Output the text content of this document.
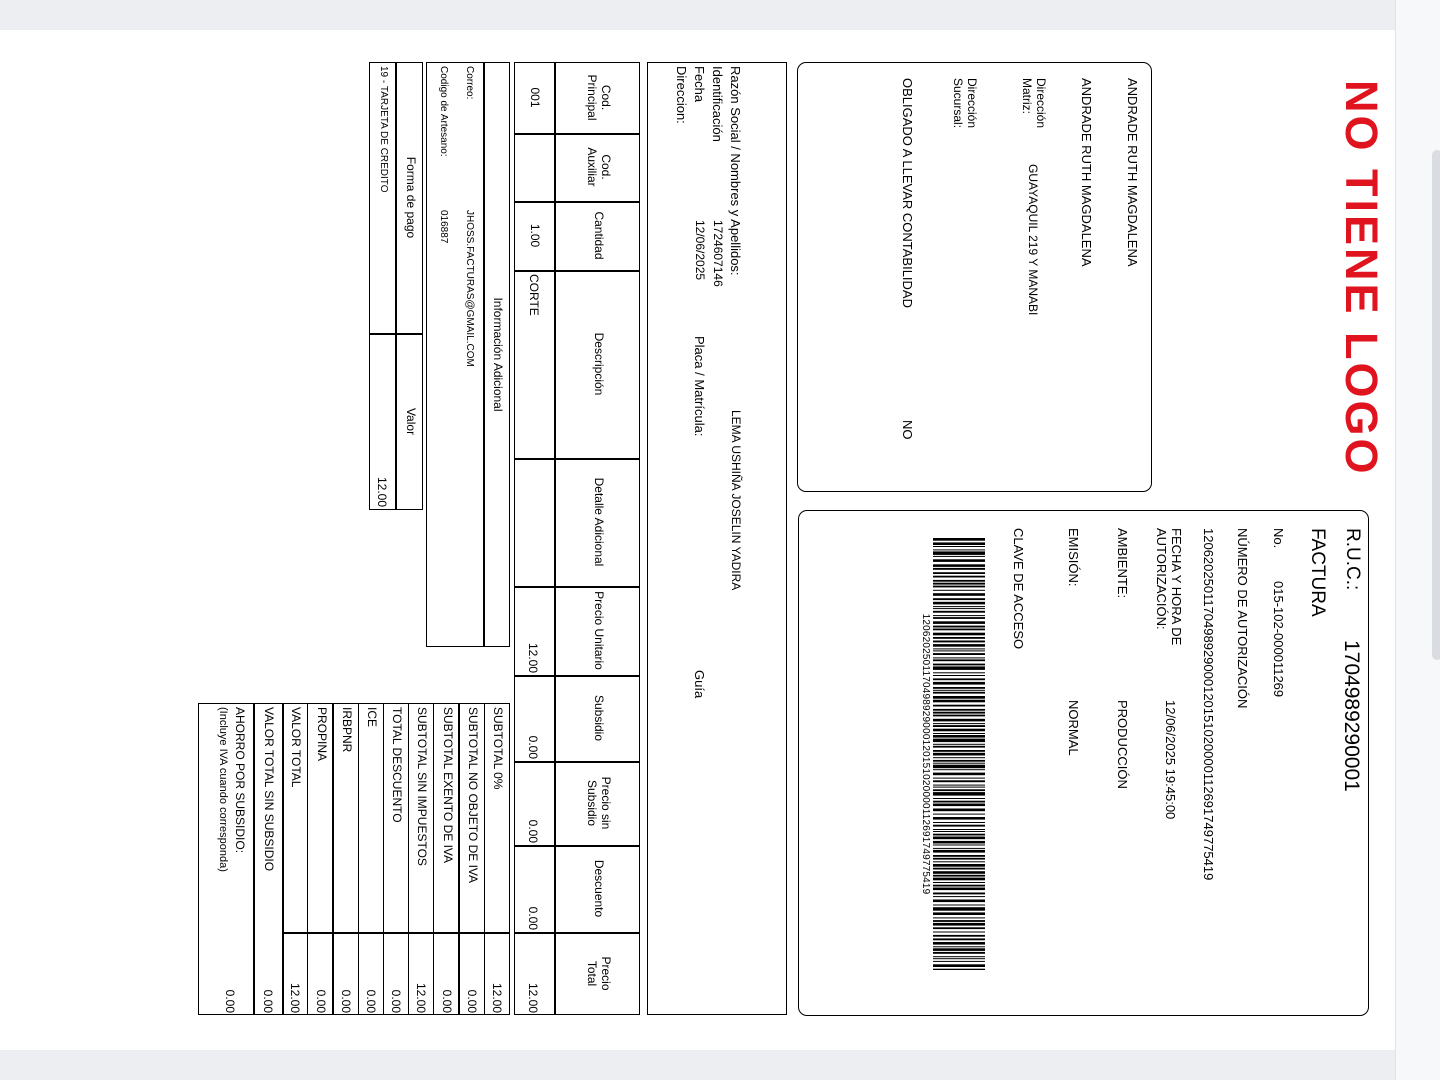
NO TIENE LOGO
ANDRADE RUTH MAGDALENA
ANDRADE RUTH MAGDALENA
Dirección Matriz:
GUAYAQUIL 219 Y MANABI
Dirección Sucursal:
OBLIGADO A LLEVAR CONTABILIDAD
NO
R.U.C.:
1704989290001
FACTURA
No.
015-102-000011269
NÚMERO DE AUTORIZACIÓN
1206202501170498929000120151020000112691749775419
FECHA Y HORA DE AUTORIZACIÓN:
12/06/2025 19:45:00
AMBIENTE:
PRODUCCIÓN
EMISIÓN:
NORMAL
CLAVE DE ACCESO
1206202501170498929000120151020000112691749775419
Razón Social / Nombres y Apellidos:
LEMA USHIÑA JOSELIN YADIRA
Identificación
1724607146
Fecha
12/06/2025
Placa / Matrícula:
Guía
Direccion:
Cod. Principal
Cod. Auxiliar
Cantidad
Descripción
Detalle Adicional
Precio Unitario
Subsidio
Precio sin Subsidio
Descuento
Precio Total
001
1.00
CORTE
12.00
0.00
0.00
0.00
12.00
Información Adicional
Correo:
JHOSS.FACTURAS@GMAIL.COM
Codigo de Artesano:
016887
Forma de pago
Valor
19 - TARJETA DE CREDITO
12.00
VALOR TOTAL SIN SUBSIDIO
0.00
AHORRO POR SUBSIDIO:
(Incluye IVA cuando corresponda)
0.00
SUBTOTAL 0%
12.00
SUBTOTAL NO OBJETO DE IVA
0.00
SUBTOTAL EXENTO DE IVA
0.00
SUBTOTAL SIN IMPUESTOS
12.00
TOTAL DESCUENTO
0.00
ICE
0.00
IRBPNR
0.00
PROPINA
0.00
VALOR TOTAL
12.00
